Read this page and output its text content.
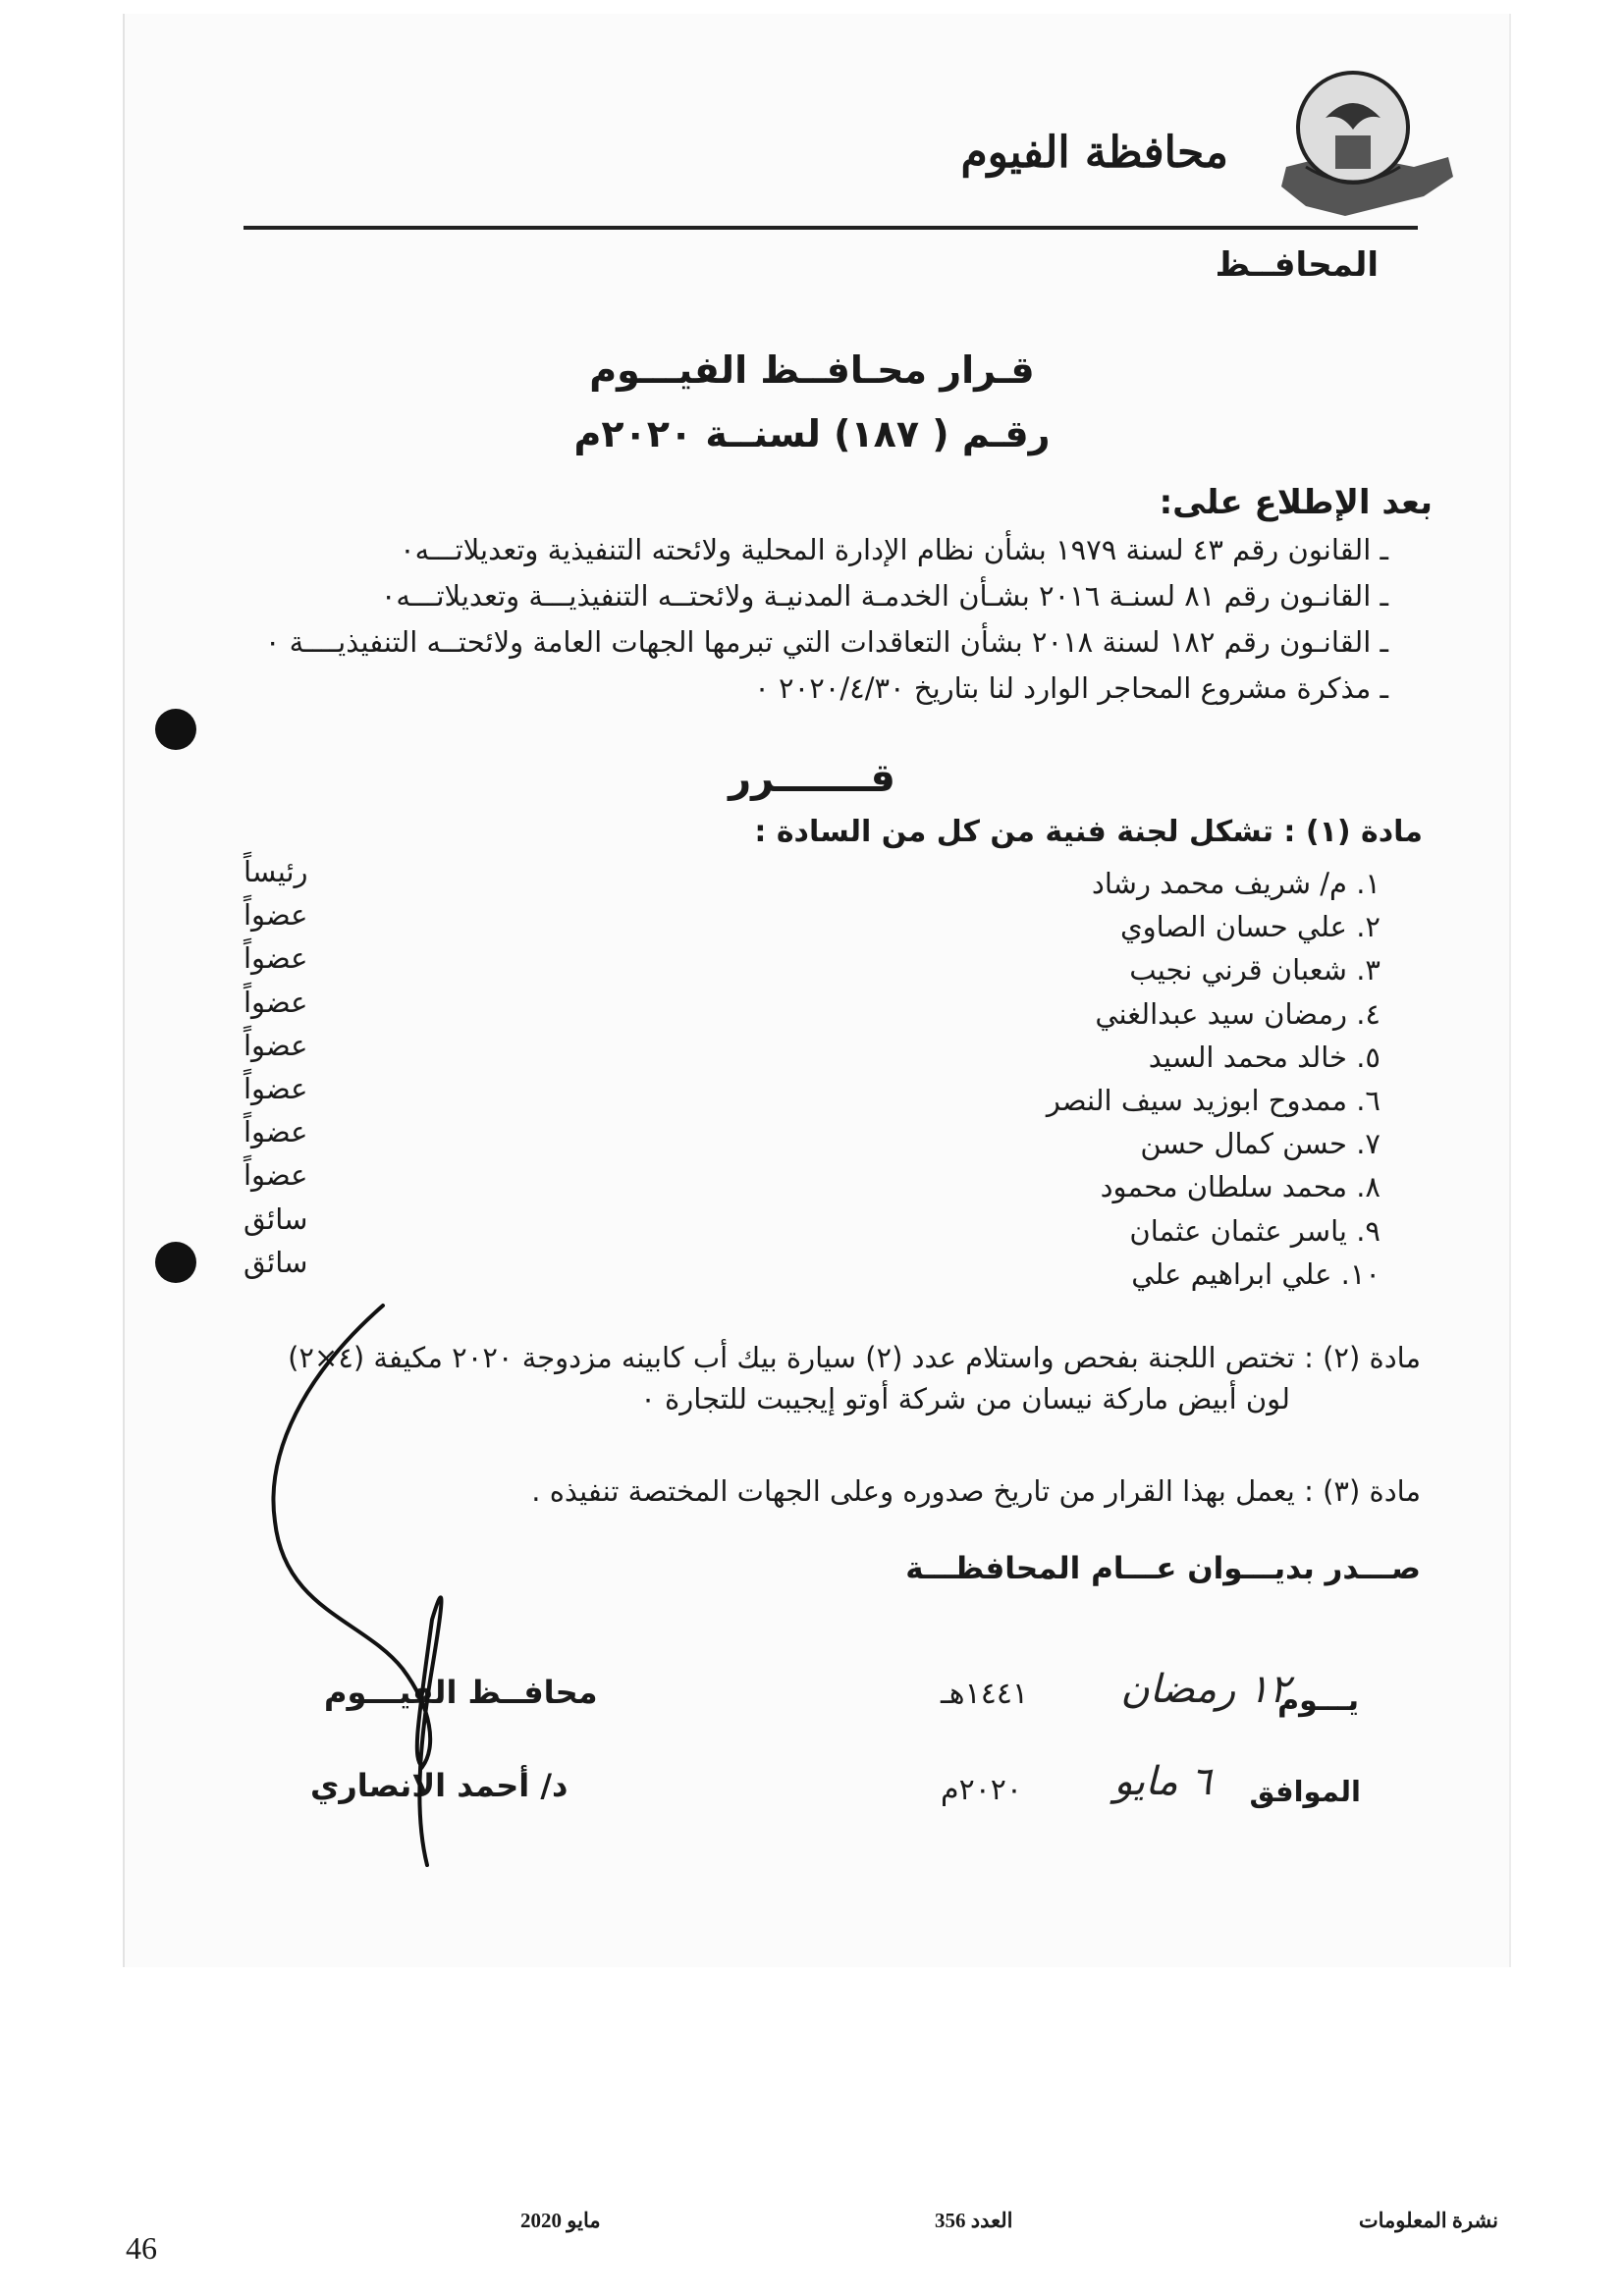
محافظة الفيوم
المحافــظ
قـرار محـافــظ الفيـــوم
رقـم ( ١٨٧) لسنــة ٢٠٢٠م
بعد الإطلاع على:
ـ القانون رقم ٤٣ لسنة ١٩٧٩ بشأن نظام الإدارة المحلية ولائحته التنفيذية وتعديلاتـــه٠
ـ القانـون رقم ٨١ لسنـة ٢٠١٦ بشـأن الخدمـة المدنيـة ولائحتــه التنفيذيـــة وتعديلاتـــه٠
ـ القانـون رقم ١٨٢ لسنة ٢٠١٨ بشأن التعاقدات التي تبرمها الجهات العامة ولائحتــه التنفيذيــــة ٠
ـ مذكرة مشروع المحاجر الوارد لنا بتاريخ ٢٠٢٠/٤/٣٠ ٠
قـــــــرر
مادة (١) : تشكل لجنة فنية من كل من السادة :
١. م/ شريف محمد رشاد
٢. علي حسان الصاوي
٣. شعبان قرني نجيب
٤. رمضان سيد عبدالغني
٥. خالد محمد السيد
٦. ممدوح ابوزيد سيف النصر
٧. حسن كمال حسن
٨. محمد سلطان محمود
٩. ياسر عثمان عثمان
١٠. علي ابراهيم علي
رئيساً
عضواً
عضواً
عضواً
عضواً
عضواً
عضواً
عضواً
سائق
سائق
مادة (٢) : تختص اللجنة بفحص واستلام عدد (٢) سيارة بيك أب كابينه مزدوجة ٢٠٢٠ مكيفة (٤×٢)
لون أبيض ماركة نيسان من شركة أوتو إيجيبت للتجارة ٠
مادة (٣) : يعمل بهذا القرار من تاريخ صدوره وعلى الجهات المختصة تنفيذه .
صـــدر بديـــوان عـــام المحافظـــة
يـــوم
١٢ رمضان
١٤٤١هـ
الموافق
٦ مايو
٢٠٢٠م
محافــظ الفيـــوم
د/ أحمد الانصاري
نشرة المعلومات
العدد 356
مايو 2020
46
